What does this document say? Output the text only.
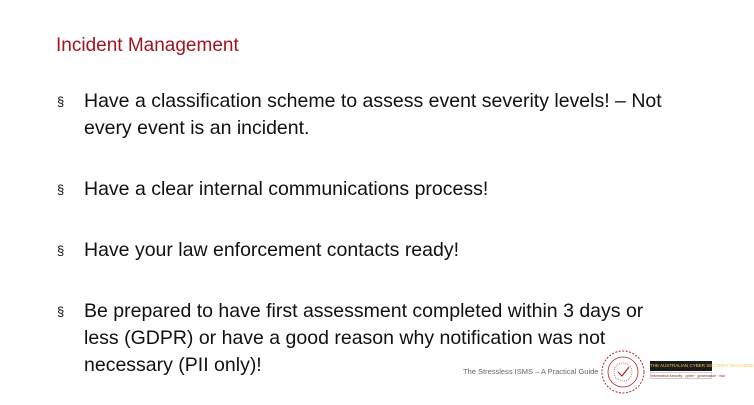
Incident Management
§ Have a classification scheme to assess event severity levels! – Not every event is an incident.
§ Have a clear internal communications process!
§ Have your law enforcement contacts ready!
§ Be prepared to have first assessment completed within 3 days or less (GDPR) or have a good reason why notification was not necessary (PII only)!	The Stressless ISMS – A Practical Guide
THE AUSTRALIAN CYBER SECURITY MAGAZINE
information security · cyber · governance · risk
